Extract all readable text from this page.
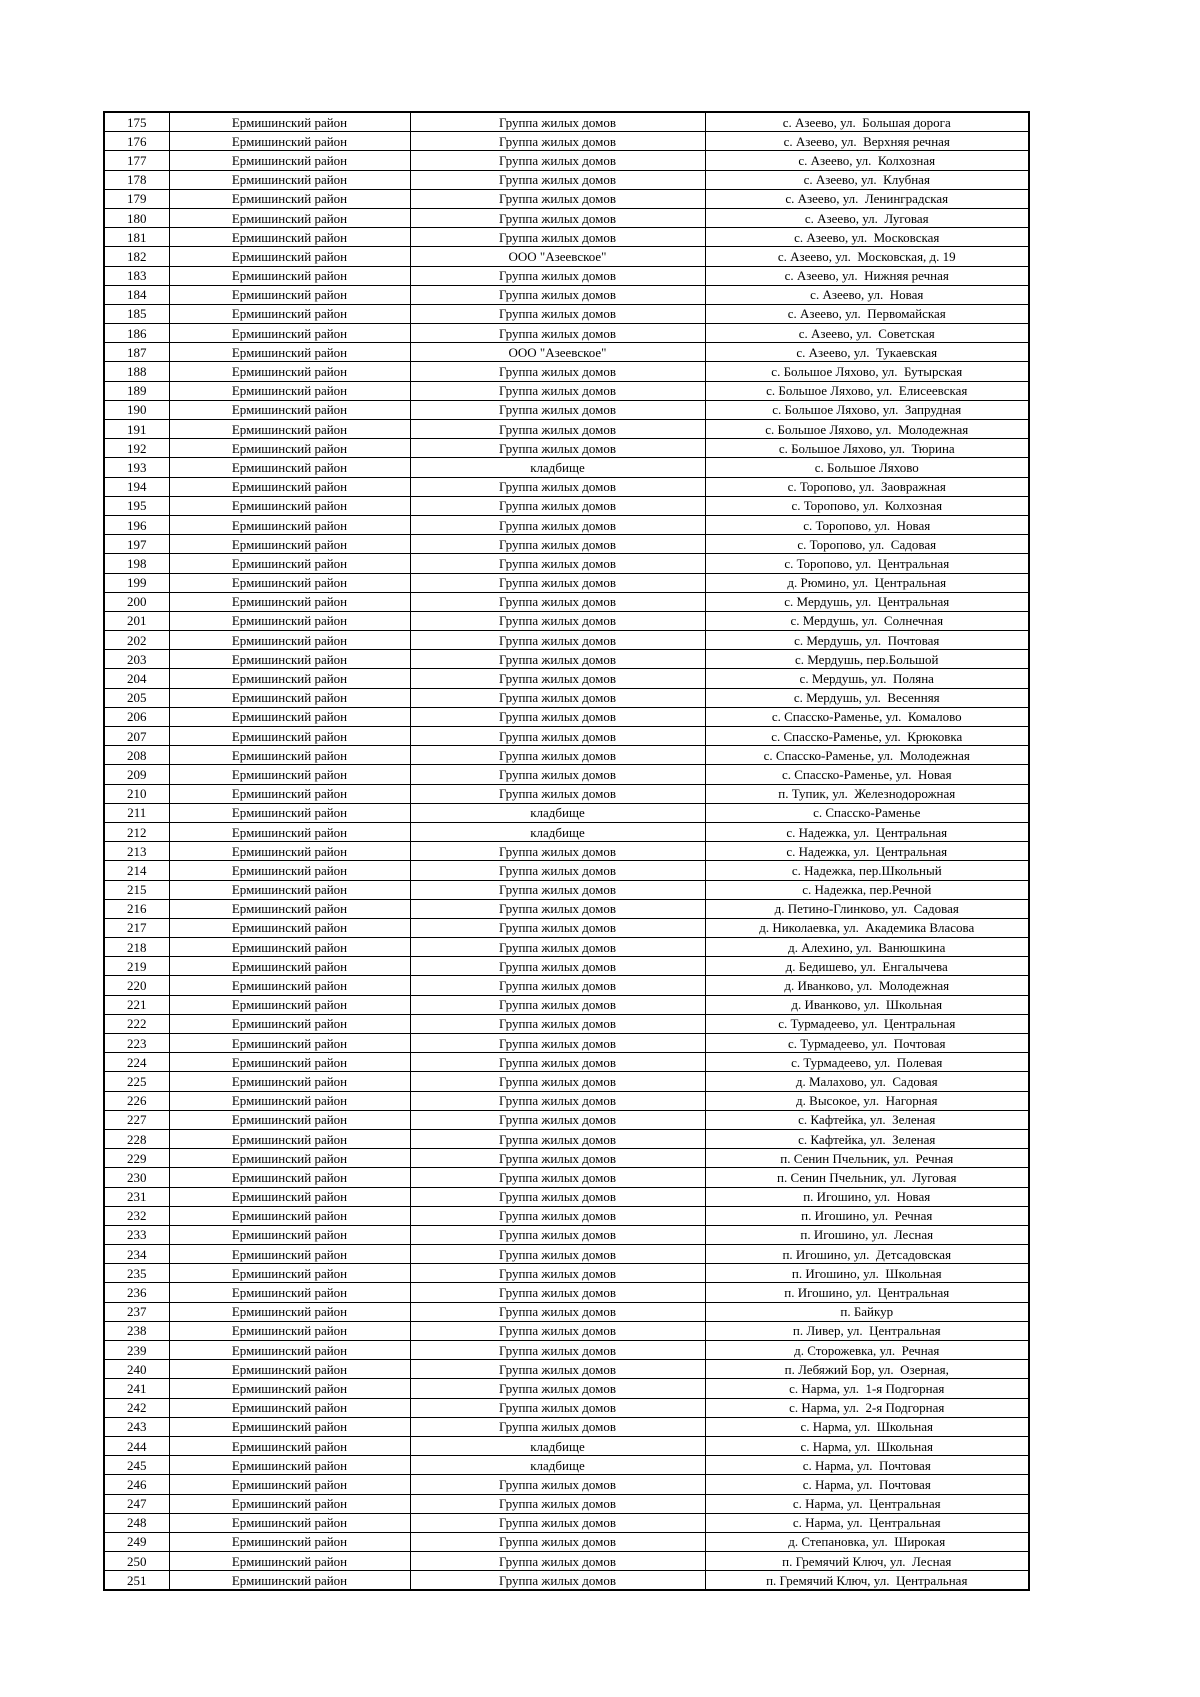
175	Ермишинский район	Группа жилых домов	с. Азеево, ул.  Большая дорога
176	Ермишинский район	Группа жилых домов	с. Азеево, ул.  Верхняя речная
177	Ермишинский район	Группа жилых домов	с. Азеево, ул.  Колхозная
178	Ермишинский район	Группа жилых домов	с. Азеево, ул.  Клубная
179	Ермишинский район	Группа жилых домов	с. Азеево, ул.  Ленинградская
180	Ермишинский район	Группа жилых домов	с. Азеево, ул.  Луговая
181	Ермишинский район	Группа жилых домов	с. Азеево, ул.  Московская
182	Ермишинский район	ООО "Азеевское"	с. Азеево, ул.  Московская, д. 19
183	Ермишинский район	Группа жилых домов	с. Азеево, ул.  Нижняя речная
184	Ермишинский район	Группа жилых домов	с. Азеево, ул.  Новая
185	Ермишинский район	Группа жилых домов	с. Азеево, ул.  Первомайская
186	Ермишинский район	Группа жилых домов	с. Азеево, ул.  Советская
187	Ермишинский район	ООО "Азеевское"	с. Азеево, ул.  Тукаевская
188	Ермишинский район	Группа жилых домов	с. Большое Ляхово, ул.  Бутырская
189	Ермишинский район	Группа жилых домов	с. Большое Ляхово, ул.  Елисеевская
190	Ермишинский район	Группа жилых домов	с. Большое Ляхово, ул.  Запрудная
191	Ермишинский район	Группа жилых домов	с. Большое Ляхово, ул.  Молодежная
192	Ермишинский район	Группа жилых домов	с. Большое Ляхово, ул.  Тюрина
193	Ермишинский район	кладбище	с. Большое Ляхово
194	Ермишинский район	Группа жилых домов	с. Торопово, ул.  Заовражная
195	Ермишинский район	Группа жилых домов	с. Торопово, ул.  Колхозная
196	Ермишинский район	Группа жилых домов	с. Торопово, ул.  Новая
197	Ермишинский район	Группа жилых домов	с. Торопово, ул.  Садовая
198	Ермишинский район	Группа жилых домов	с. Торопово, ул.  Центральная
199	Ермишинский район	Группа жилых домов	д. Рюмино, ул.  Центральная
200	Ермишинский район	Группа жилых домов	с. Мердушь, ул.  Центральная
201	Ермишинский район	Группа жилых домов	с. Мердушь, ул.  Солнечная
202	Ермишинский район	Группа жилых домов	с. Мердушь, ул.  Почтовая
203	Ермишинский район	Группа жилых домов	с. Мердушь, пер.Большой
204	Ермишинский район	Группа жилых домов	с. Мердушь, ул.  Поляна
205	Ермишинский район	Группа жилых домов	с. Мердушь, ул.  Весенняя
206	Ермишинский район	Группа жилых домов	с. Спасско-Раменье, ул.  Комалово
207	Ермишинский район	Группа жилых домов	с. Спасско-Раменье, ул.  Крюковка
208	Ермишинский район	Группа жилых домов	с. Спасско-Раменье, ул.  Молодежная
209	Ермишинский район	Группа жилых домов	с. Спасско-Раменье, ул.  Новая
210	Ермишинский район	Группа жилых домов	п. Тупик, ул.  Железнодорожная
211	Ермишинский район	кладбище	с. Спасско-Раменье
212	Ермишинский район	кладбище	с. Надежка, ул.  Центральная
213	Ермишинский район	Группа жилых домов	с. Надежка, ул.  Центральная
214	Ермишинский район	Группа жилых домов	с. Надежка, пер.Школьный
215	Ермишинский район	Группа жилых домов	с. Надежка, пер.Речной
216	Ермишинский район	Группа жилых домов	д. Петино-Глинково, ул.  Садовая
217	Ермишинский район	Группа жилых домов	д. Николаевка, ул.  Академика Власова
218	Ермишинский район	Группа жилых домов	д. Алехино, ул.  Ванюшкина
219	Ермишинский район	Группа жилых домов	д. Бедишево, ул.  Енгалычева
220	Ермишинский район	Группа жилых домов	д. Иванково, ул.  Молодежная
221	Ермишинский район	Группа жилых домов	д. Иванково, ул.  Школьная
222	Ермишинский район	Группа жилых домов	с. Турмадеево, ул.  Центральная
223	Ермишинский район	Группа жилых домов	с. Турмадеево, ул.  Почтовая
224	Ермишинский район	Группа жилых домов	с. Турмадеево, ул.  Полевая
225	Ермишинский район	Группа жилых домов	д. Малахово, ул.  Садовая
226	Ермишинский район	Группа жилых домов	д. Высокое, ул.  Нагорная
227	Ермишинский район	Группа жилых домов	с. Кафтейка, ул.  Зеленая
228	Ермишинский район	Группа жилых домов	с. Кафтейка, ул.  Зеленая
229	Ермишинский район	Группа жилых домов	п. Сенин Пчельник, ул.  Речная
230	Ермишинский район	Группа жилых домов	п. Сенин Пчельник, ул.  Луговая
231	Ермишинский район	Группа жилых домов	п. Игошино, ул.  Новая
232	Ермишинский район	Группа жилых домов	п. Игошино, ул.  Речная
233	Ермишинский район	Группа жилых домов	п. Игошино, ул.  Лесная
234	Ермишинский район	Группа жилых домов	п. Игошино, ул.  Детсадовская
235	Ермишинский район	Группа жилых домов	п. Игошино, ул.  Школьная
236	Ермишинский район	Группа жилых домов	п. Игошино, ул.  Центральная
237	Ермишинский район	Группа жилых домов	п. Байкур
238	Ермишинский район	Группа жилых домов	п. Ливер, ул.  Центральная
239	Ермишинский район	Группа жилых домов	д. Сторожевка, ул.  Речная
240	Ермишинский район	Группа жилых домов	п. Лебяжий Бор, ул.  Озерная,
241	Ермишинский район	Группа жилых домов	с. Нарма, ул.  1-я Подгорная
242	Ермишинский район	Группа жилых домов	с. Нарма, ул.  2-я Подгорная
243	Ермишинский район	Группа жилых домов	с. Нарма, ул.  Школьная
244	Ермишинский район	кладбище	с. Нарма, ул.  Школьная
245	Ермишинский район	кладбище	с. Нарма, ул.  Почтовая
246	Ермишинский район	Группа жилых домов	с. Нарма, ул.  Почтовая
247	Ермишинский район	Группа жилых домов	с. Нарма, ул.  Центральная
248	Ермишинский район	Группа жилых домов	с. Нарма, ул.  Центральная
249	Ермишинский район	Группа жилых домов	д. Степановка, ул.  Широкая
250	Ермишинский район	Группа жилых домов	п. Гремячий Ключ, ул.  Лесная
251	Ермишинский район	Группа жилых домов	п. Гремячий Ключ, ул.  Центральная
